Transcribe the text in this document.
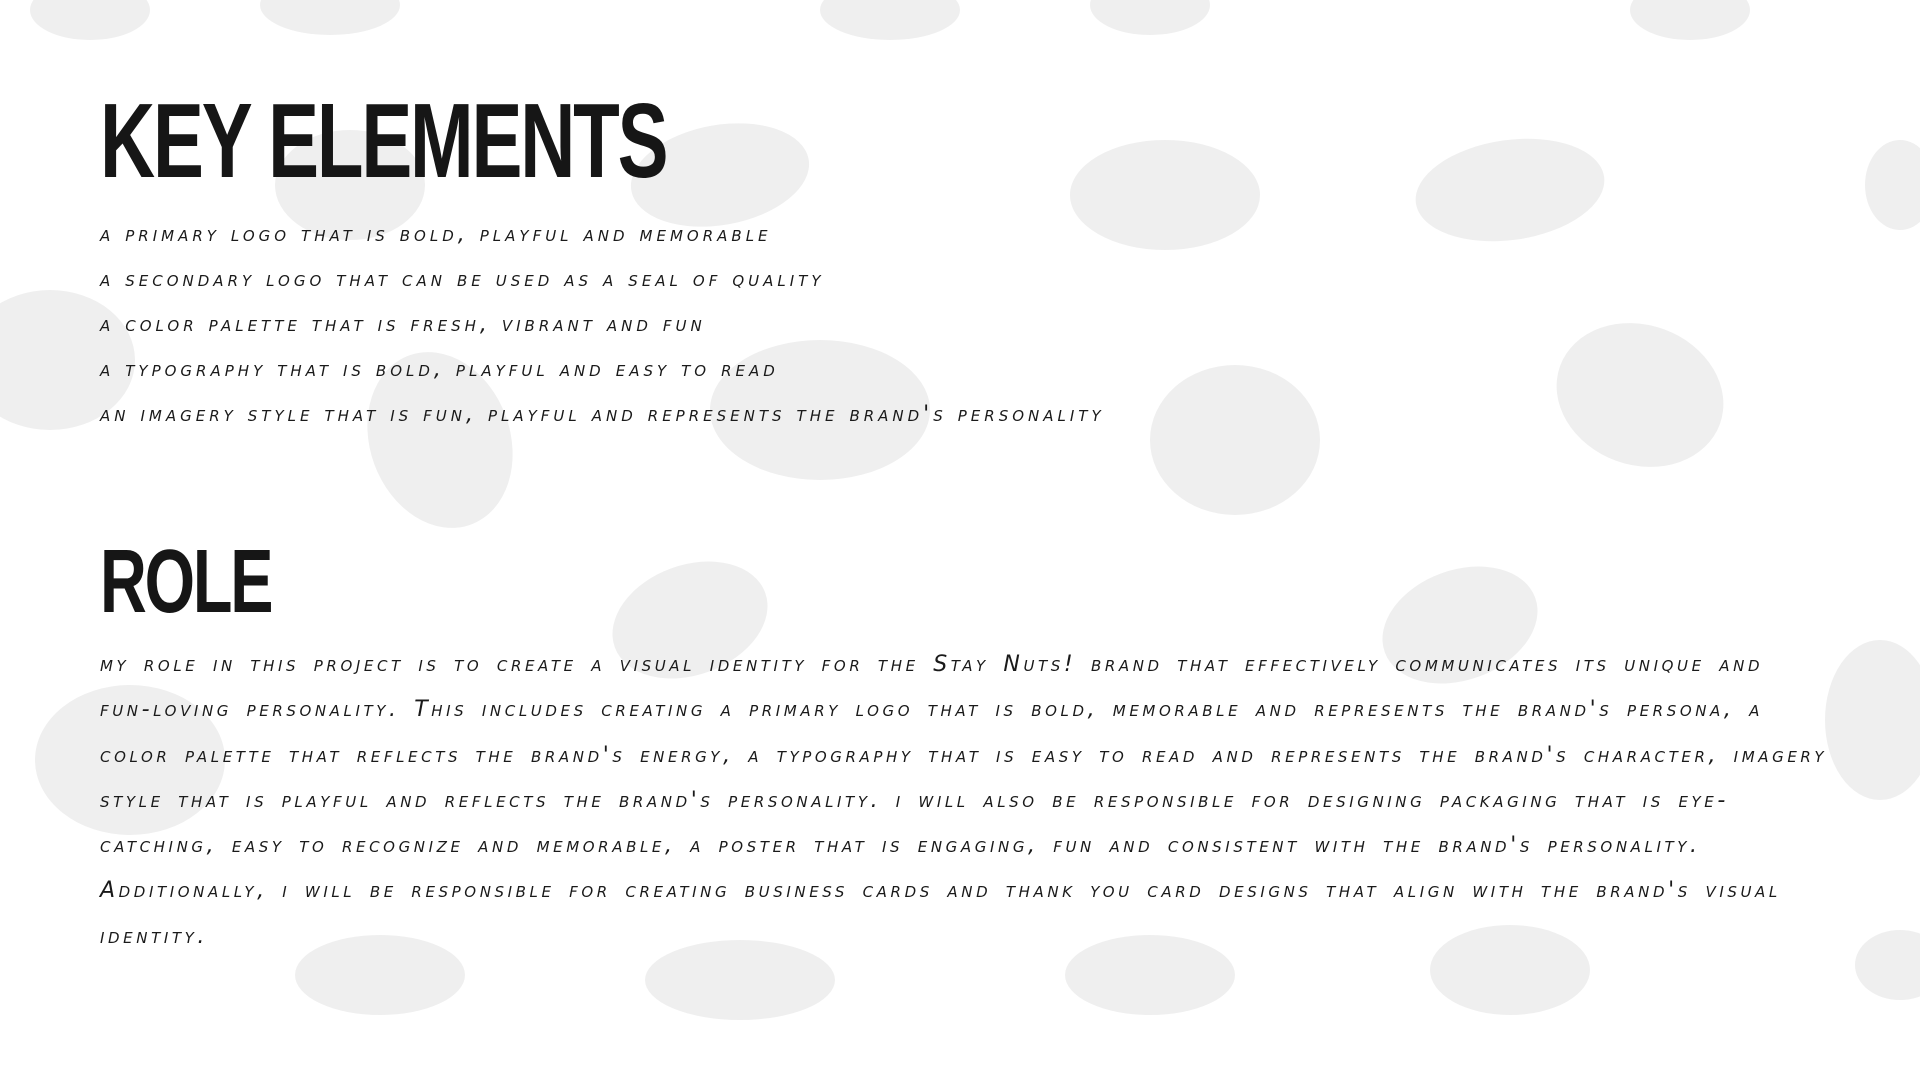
KEY ELEMENTS
a primary logo that is bold, playful and memorable
a secondary logo that can be used as a seal of quality
a color palette that is fresh, vibrant and fun
a typography that is bold, playful and easy to read
an imagery style that is fun, playful and represents the brand's personality
ROLE

my role in this project is to create a visual identity for the Stay Nuts! brand that effectively communicates its unique and fun-loving personality. This includes creating a primary logo that is bold, memorable and represents the brand's persona, a color palette that reflects the brand's energy, a typography that is easy to read and represents the brand's character, imagery style that is playful and reflects the brand's personality. i will also be responsible for designing packaging that is eye-catching, easy to recognize and memorable, a poster that is engaging, fun and consistent with the brand's personality. Additionally, i will be responsible for creating business cards and thank you card designs that align with the brand's visual identity.
